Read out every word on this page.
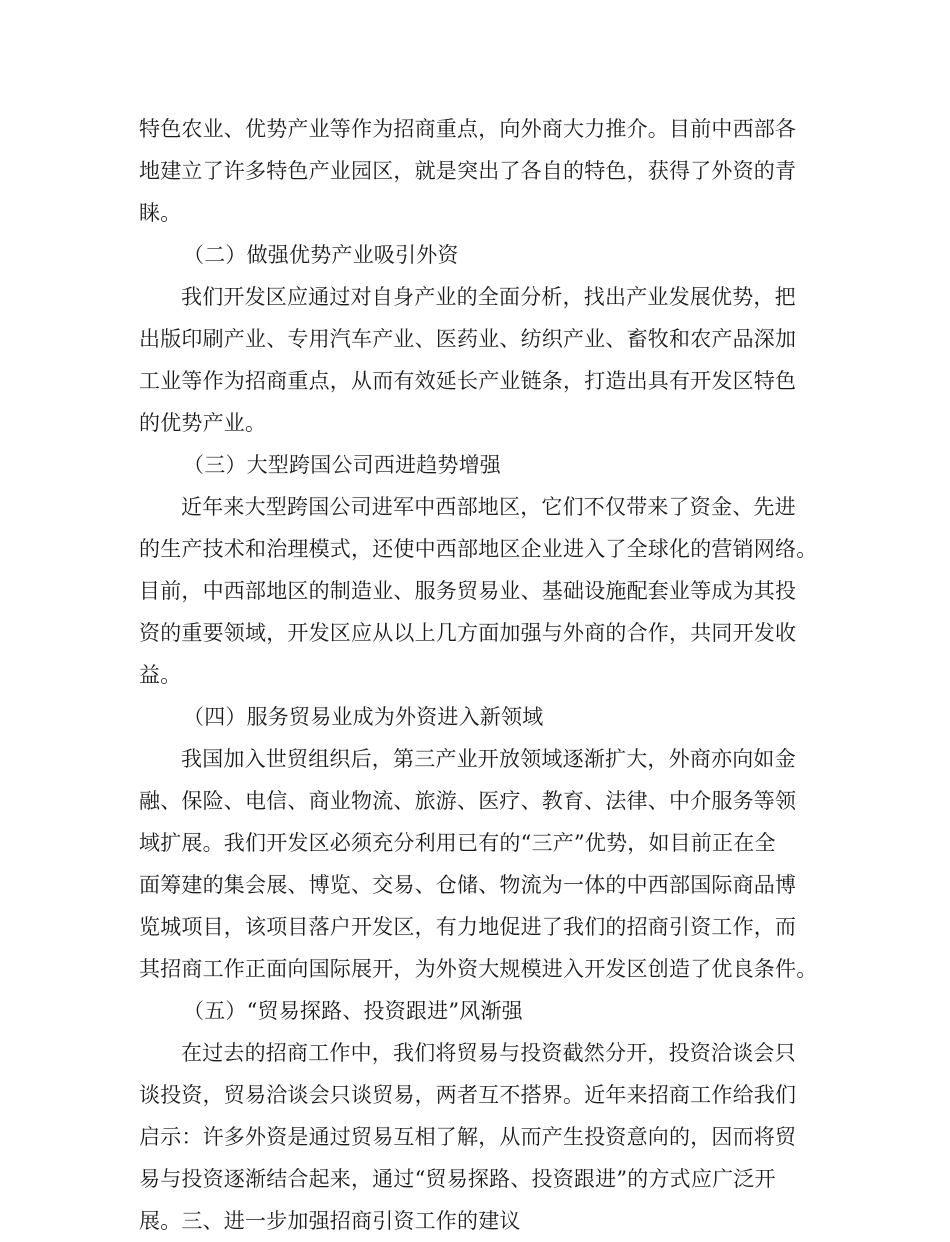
特色农业、优势产业等作为招商重点，向外商大力推介。目前中西部各
地建立了许多特色产业园区，就是突出了各自的特色，获得了外资的青
睐。
（二）做强优势产业吸引外资
我们开发区应通过对自身产业的全面分析，找出产业发展优势，把
出版印刷产业、专用汽车产业、医药业、纺织产业、畜牧和农产品深加
工业等作为招商重点，从而有效延长产业链条，打造出具有开发区特色
的优势产业。
（三）大型跨国公司西进趋势增强
近年来大型跨国公司进军中西部地区，它们不仅带来了资金、先进
的生产技术和治理模式，还使中西部地区企业进入了全球化的营销网络。
目前，中西部地区的制造业、服务贸易业、基础设施配套业等成为其投
资的重要领域，开发区应从以上几方面加强与外商的合作，共同开发收
益。
（四）服务贸易业成为外资进入新领域
我国加入世贸组织后，第三产业开放领域逐渐扩大，外商亦向如金
融、保险、电信、商业物流、旅游、医疗、教育、法律、中介服务等领
域扩展。我们开发区必须充分利用已有的“三产”优势，如目前正在全
面筹建的集会展、博览、交易、仓储、物流为一体的中西部国际商品博
览城项目，该项目落户开发区，有力地促进了我们的招商引资工作，而
其招商工作正面向国际展开，为外资大规模进入开发区创造了优良条件。
（五）“贸易探路、投资跟进”风渐强
在过去的招商工作中，我们将贸易与投资截然分开，投资洽谈会只
谈投资，贸易洽谈会只谈贸易，两者互不搭界。近年来招商工作给我们
启示：许多外资是通过贸易互相了解，从而产生投资意向的，因而将贸
易与投资逐渐结合起来，通过“贸易探路、投资跟进”的方式应广泛开
展。三、进一步加强招商引资工作的建议
